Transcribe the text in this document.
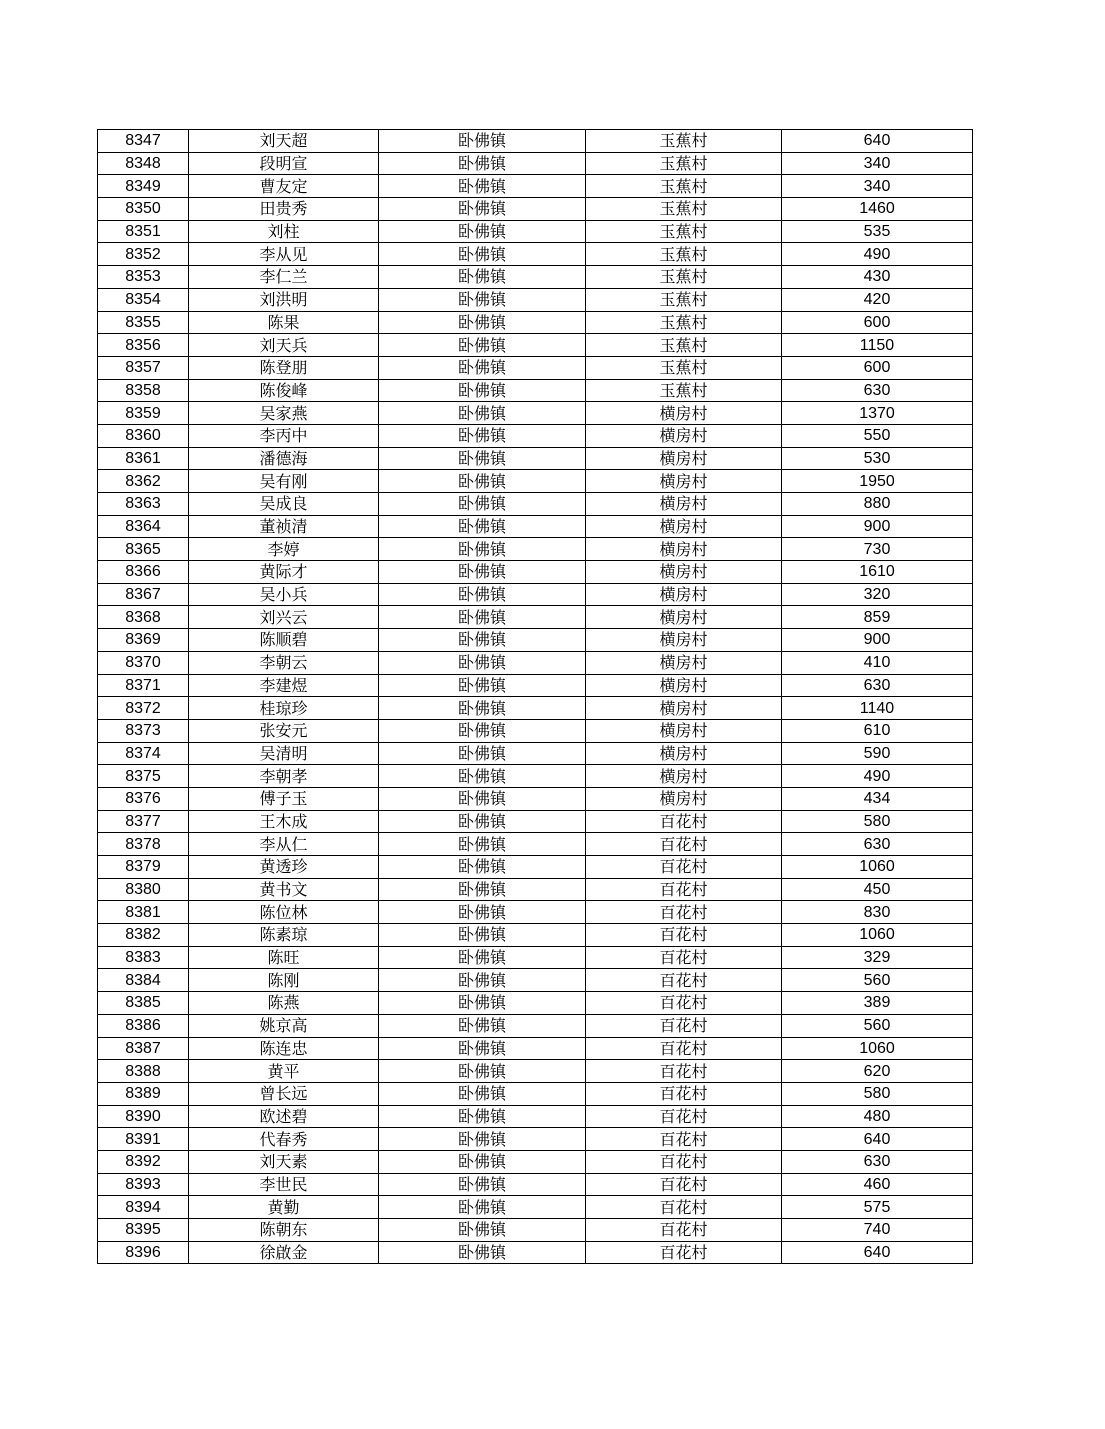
8347	刘天超	卧佛镇	玉蕉村	640
8348	段明宣	卧佛镇	玉蕉村	340
8349	曹友定	卧佛镇	玉蕉村	340
8350	田贵秀	卧佛镇	玉蕉村	1460
8351	刘柱	卧佛镇	玉蕉村	535
8352	李从见	卧佛镇	玉蕉村	490
8353	李仁兰	卧佛镇	玉蕉村	430
8354	刘洪明	卧佛镇	玉蕉村	420
8355	陈果	卧佛镇	玉蕉村	600
8356	刘天兵	卧佛镇	玉蕉村	1150
8357	陈登朋	卧佛镇	玉蕉村	600
8358	陈俊峰	卧佛镇	玉蕉村	630
8359	吴家燕	卧佛镇	横房村	1370
8360	李丙中	卧佛镇	横房村	550
8361	潘德海	卧佛镇	横房村	530
8362	吴有刚	卧佛镇	横房村	1950
8363	吴成良	卧佛镇	横房村	880
8364	董祯清	卧佛镇	横房村	900
8365	李婷	卧佛镇	横房村	730
8366	黄际才	卧佛镇	横房村	1610
8367	吴小兵	卧佛镇	横房村	320
8368	刘兴云	卧佛镇	横房村	859
8369	陈顺碧	卧佛镇	横房村	900
8370	李朝云	卧佛镇	横房村	410
8371	李建煜	卧佛镇	横房村	630
8372	桂琼珍	卧佛镇	横房村	1140
8373	张安元	卧佛镇	横房村	610
8374	吴清明	卧佛镇	横房村	590
8375	李朝孝	卧佛镇	横房村	490
8376	傅子玉	卧佛镇	横房村	434
8377	王木成	卧佛镇	百花村	580
8378	李从仁	卧佛镇	百花村	630
8379	黄透珍	卧佛镇	百花村	1060
8380	黄书文	卧佛镇	百花村	450
8381	陈位林	卧佛镇	百花村	830
8382	陈素琼	卧佛镇	百花村	1060
8383	陈旺	卧佛镇	百花村	329
8384	陈刚	卧佛镇	百花村	560
8385	陈燕	卧佛镇	百花村	389
8386	姚京高	卧佛镇	百花村	560
8387	陈连忠	卧佛镇	百花村	1060
8388	黄平	卧佛镇	百花村	620
8389	曾长远	卧佛镇	百花村	580
8390	欧述碧	卧佛镇	百花村	480
8391	代春秀	卧佛镇	百花村	640
8392	刘天素	卧佛镇	百花村	630
8393	李世民	卧佛镇	百花村	460
8394	黄勤	卧佛镇	百花村	575
8395	陈朝东	卧佛镇	百花村	740
8396	徐啟金	卧佛镇	百花村	640
